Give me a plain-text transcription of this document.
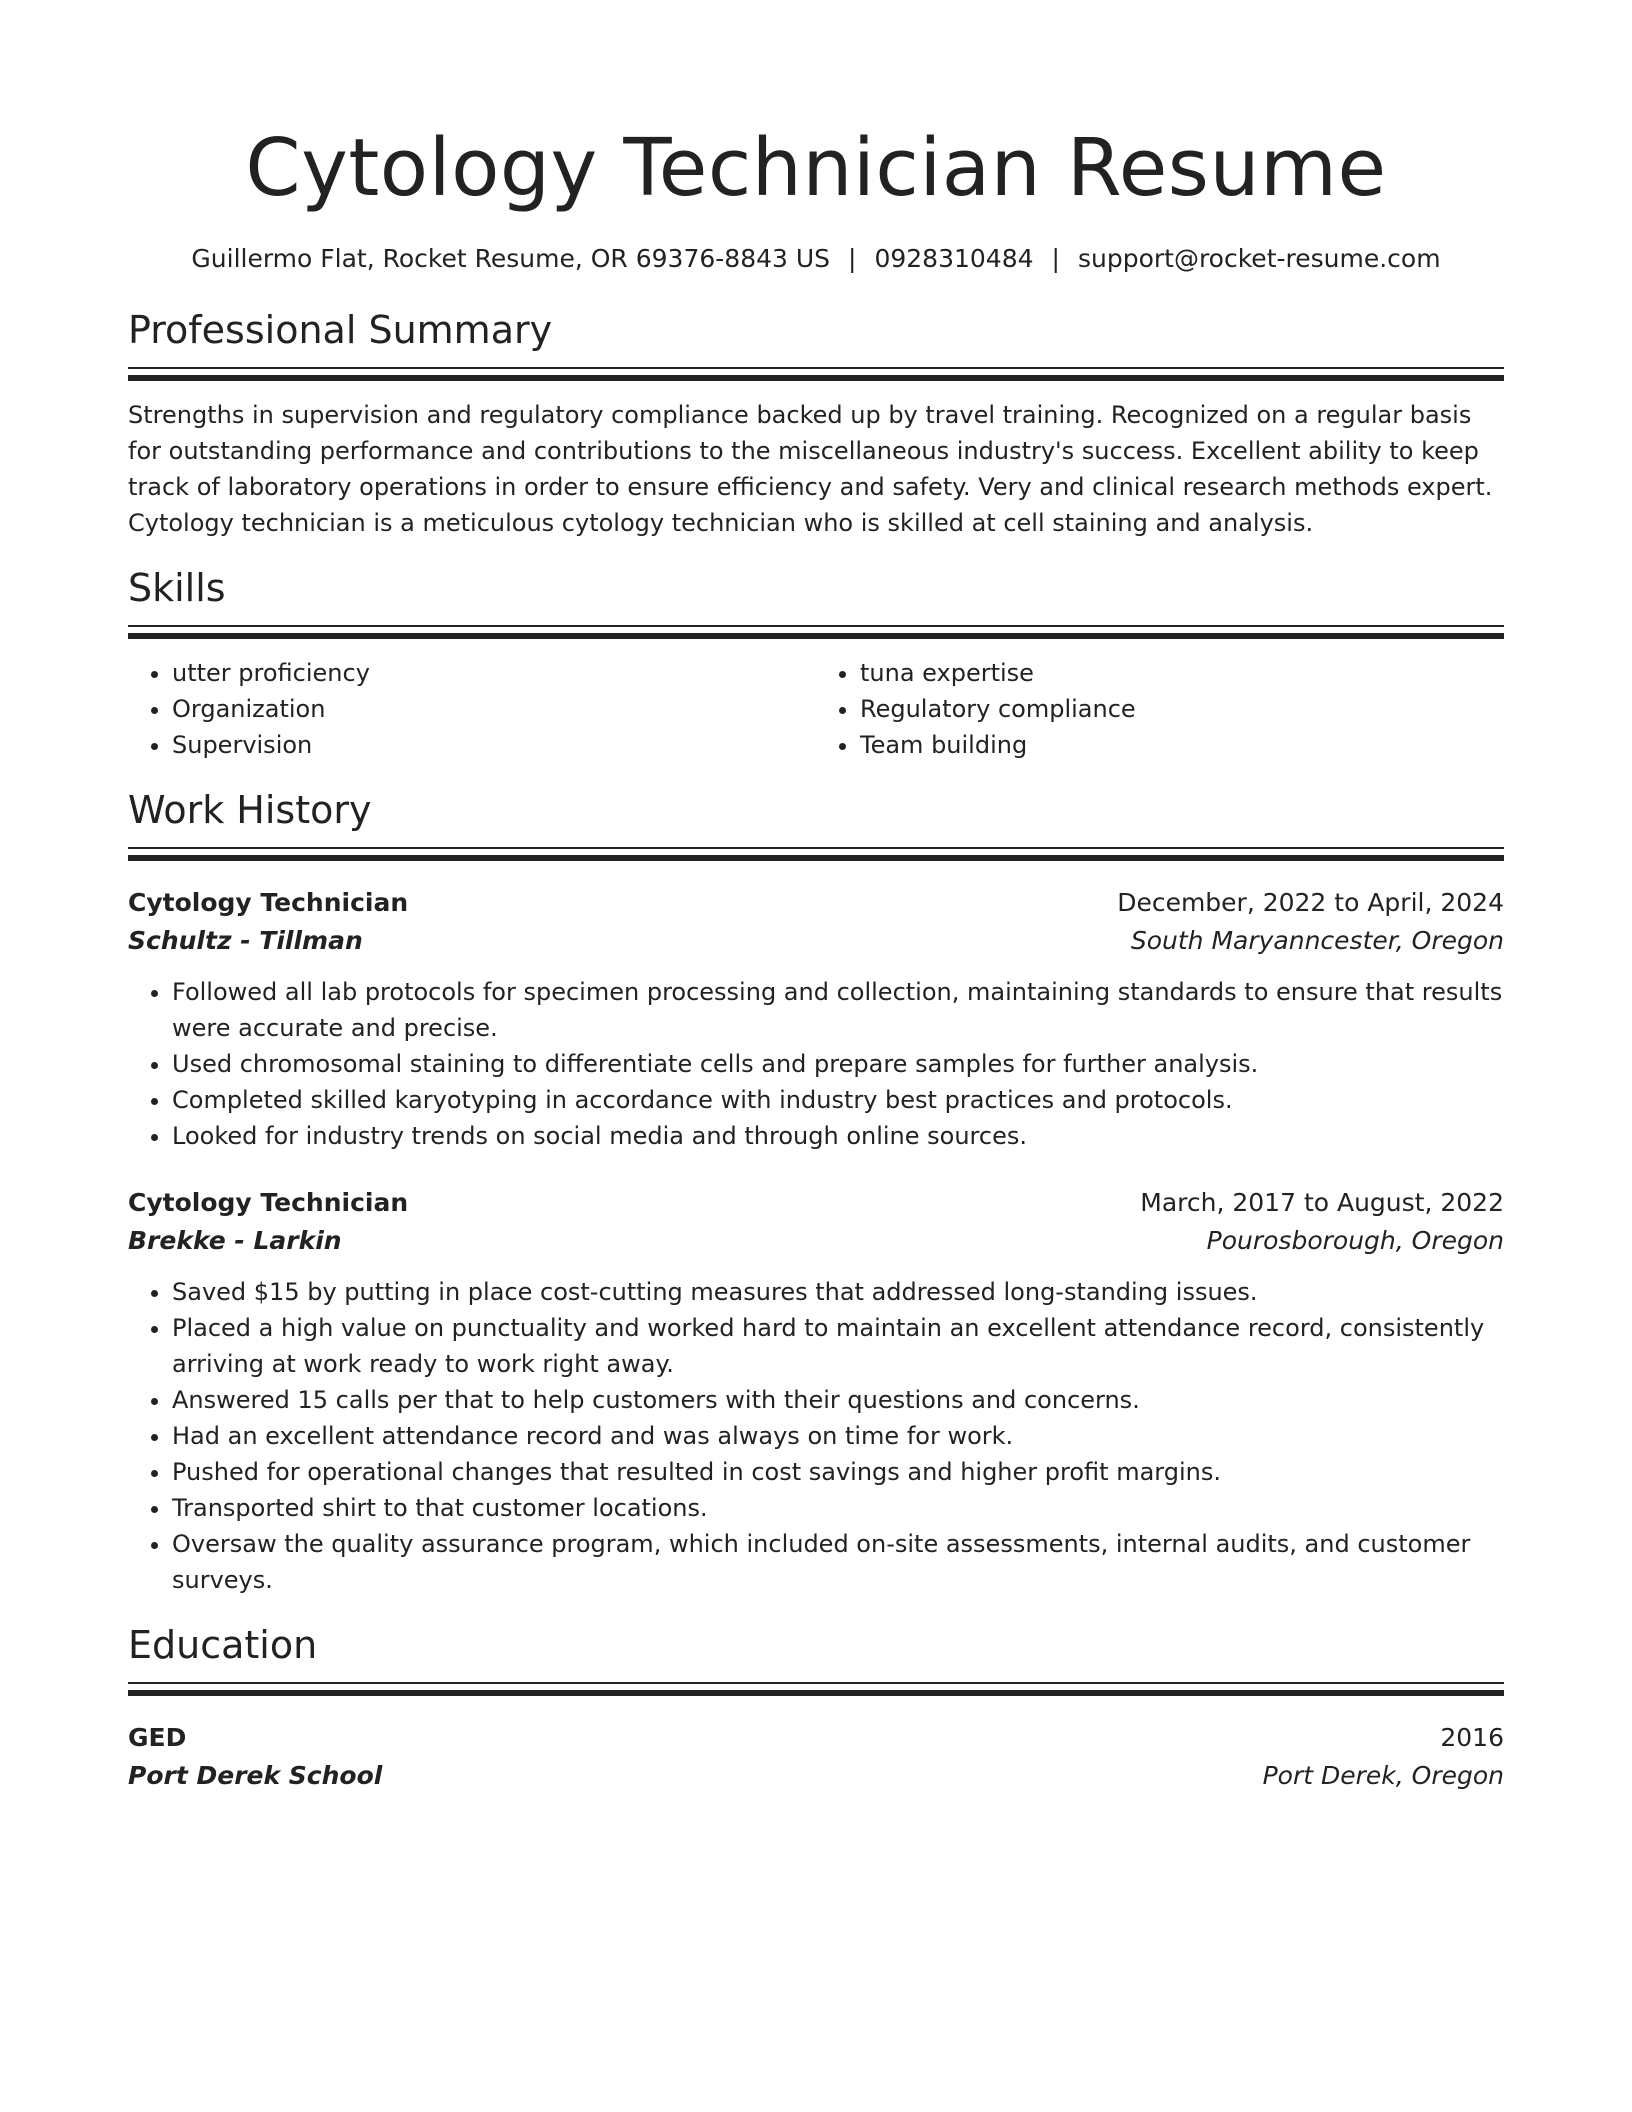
Cytology Technician Resume
Guillermo Flat, Rocket Resume, OR 69376-8843 US | 0928310484 | support@rocket-resume.com
Professional Summary

Strengths in supervision and regulatory compliance backed up by travel training. Recognized on a regular basis for outstanding performance and contributions to the miscellaneous industry's success. Excellent ability to keep track of laboratory operations in order to ensure efficiency and safety. Very and clinical research methods expert. Cytology technician is a meticulous cytology technician who is skilled at cell staining and analysis.

Skills
• utter proficiency
• Organization
• Supervision
• tuna expertise
• Regulatory compliance
• Team building
Work History
Cytology Technician	December, 2022 to April, 2024
Schultz - Tillman	South Maryanncester, Oregon
• Followed all lab protocols for specimen processing and collection, maintaining standards to ensure that results were accurate and precise.
• Used chromosomal staining to differentiate cells and prepare samples for further analysis.
• Completed skilled karyotyping in accordance with industry best practices and protocols.
• Looked for industry trends on social media and through online sources.
Cytology Technician	March, 2017 to August, 2022
Brekke - Larkin	Pourosborough, Oregon
• Saved $15 by putting in place cost-cutting measures that addressed long-standing issues.
• Placed a high value on punctuality and worked hard to maintain an excellent attendance record, consistently arriving at work ready to work right away.
• Answered 15 calls per that to help customers with their questions and concerns.
• Had an excellent attendance record and was always on time for work.
• Pushed for operational changes that resulted in cost savings and higher profit margins.
• Transported shirt to that customer locations.
• Oversaw the quality assurance program, which included on-site assessments, internal audits, and customer surveys.
Education
GED	2016
Port Derek School	Port Derek, Oregon
